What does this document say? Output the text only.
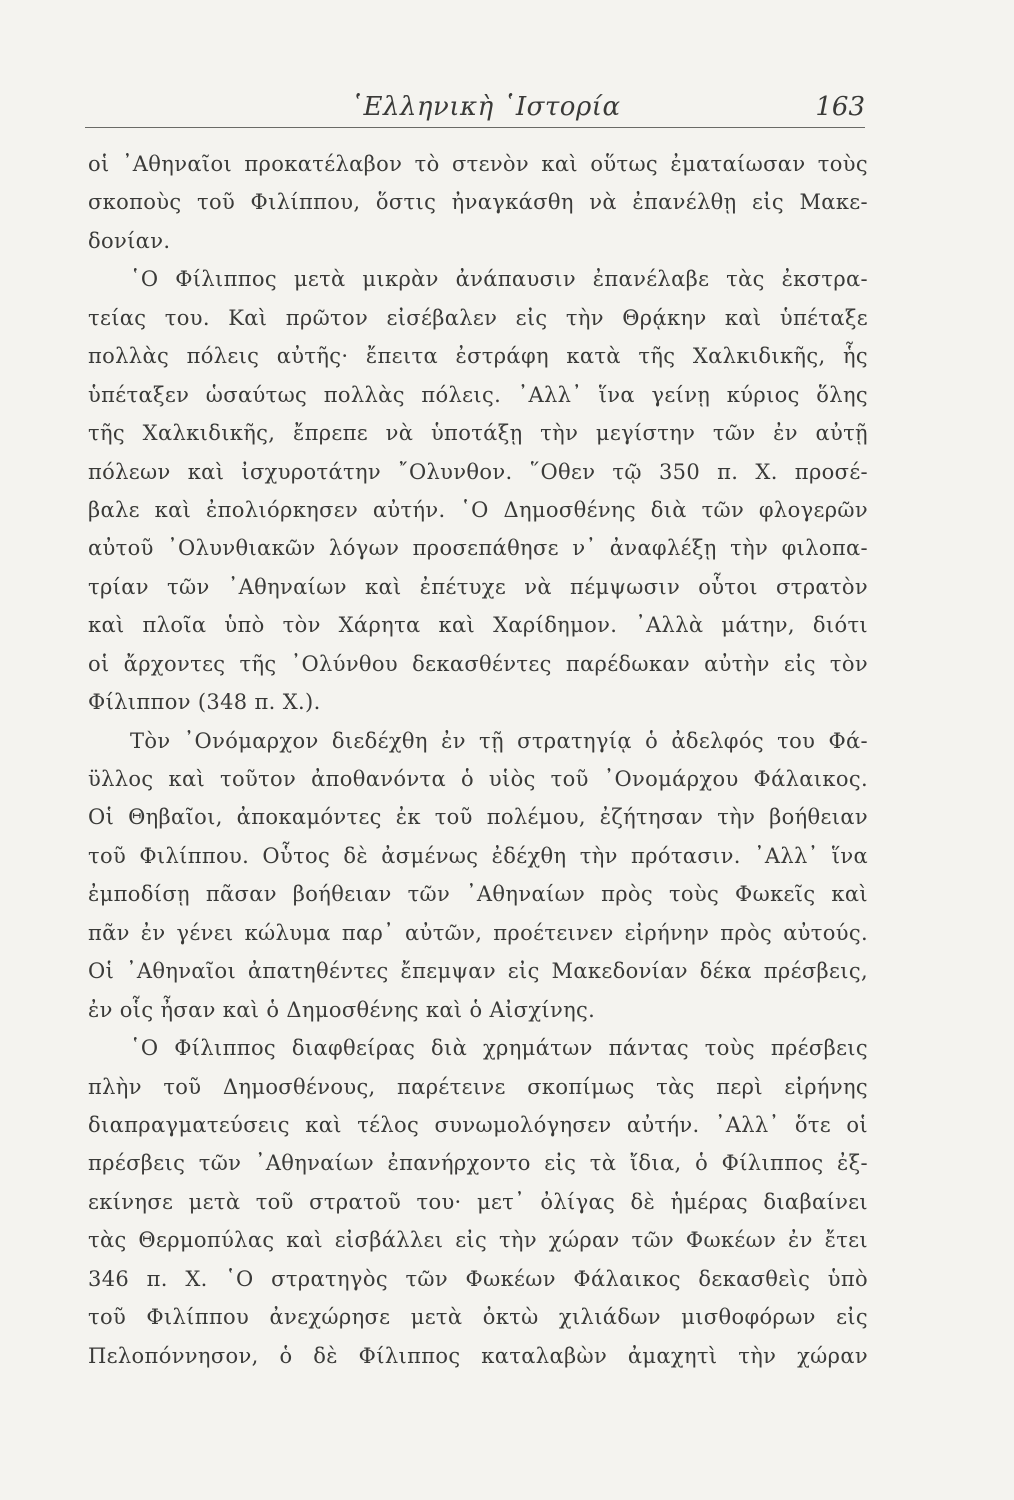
῾Ελληνικὴ ῾Ιστορία	163
οἱ ᾿Αθηναῖοι προκατέλαβον τὸ στενὸν καὶ οὕτως ἐματαίωσαν τοὺς
σκοποὺς τοῦ Φιλίππου, ὅστις ἠναγκάσθη νὰ ἐπανέλθῃ εἰς Μακε-
δονίαν.
῾Ο Φίλιππος μετὰ μικρὰν ἀνάπαυσιν ἐπανέλαβε τὰς ἐκστρα-
τείας του. Καὶ πρῶτον εἰσέβαλεν εἰς τὴν Θρᾴκην καὶ ὑπέταξε
πολλὰς πόλεις αὐτῆς· ἔπειτα ἐστράφη κατὰ τῆς Χαλκιδικῆς, ἧς
ὑπέταξεν ὡσαύτως πολλὰς πόλεις. ᾿Αλλ᾿ ἵνα γείνῃ κύριος ὅλης
τῆς Χαλκιδικῆς, ἔπρεπε νὰ ὑποτάξῃ τὴν μεγίστην τῶν ἐν αὐτῇ
πόλεων καὶ ἰσχυροτάτην ῎Ολυνθον. ῞Οθεν τῷ 350 π. Χ. προσέ-
βαλε καὶ ἐπολιόρκησεν αὐτήν. ῾Ο Δημοσθένης διὰ τῶν φλογερῶν
αὐτοῦ ᾿Ολυνθιακῶν λόγων προσεπάθησε ν᾿ ἀναφλέξῃ τὴν φιλοπα-
τρίαν τῶν ᾿Αθηναίων καὶ ἐπέτυχε νὰ πέμψωσιν οὗτοι στρατὸν
καὶ πλοῖα ὑπὸ τὸν Χάρητα καὶ Χαρίδημον. ᾿Αλλὰ μάτην, διότι
οἱ ἄρχοντες τῆς ᾿Ολύνθου δεκασθέντες παρέδωκαν αὐτὴν εἰς τὸν
Φίλιππον (348 π. Χ.).
Τὸν ᾿Ονόμαρχον διεδέχθη ἐν τῇ στρατηγίᾳ ὁ ἀδελφός του Φά-
ϋλλος καὶ τοῦτον ἀποθανόντα ὁ υἱὸς τοῦ ᾿Ονομάρχου Φάλαικος.
Οἱ Θηβαῖοι, ἀποκαμόντες ἐκ τοῦ πολέμου, ἐζήτησαν τὴν βοήθειαν
τοῦ Φιλίππου. Οὗτος δὲ ἀσμένως ἐδέχθη τὴν πρότασιν. ᾿Αλλ᾿ ἵνα
ἐμποδίσῃ πᾶσαν βοήθειαν τῶν ᾿Αθηναίων πρὸς τοὺς Φωκεῖς καὶ
πᾶν ἐν γένει κώλυμα παρ᾿ αὐτῶν, προέτεινεν εἰρήνην πρὸς αὐτούς.
Οἱ ᾿Αθηναῖοι ἀπατηθέντες ἔπεμψαν εἰς Μακεδονίαν δέκα πρέσβεις,
ἐν οἷς ἦσαν καὶ ὁ Δημοσθένης καὶ ὁ Αἰσχίνης.
῾Ο Φίλιππος διαφθείρας διὰ χρημάτων πάντας τοὺς πρέσβεις
πλὴν τοῦ Δημοσθένους, παρέτεινε σκοπίμως τὰς περὶ εἰρήνης
διαπραγματεύσεις καὶ τέλος συνωμολόγησεν αὐτήν. ᾿Αλλ᾿ ὅτε οἱ
πρέσβεις τῶν ᾿Αθηναίων ἐπανήρχοντο εἰς τὰ ἴδια, ὁ Φίλιππος ἐξ-
εκίνησε μετὰ τοῦ στρατοῦ του· μετ᾿ ὀλίγας δὲ ἡμέρας διαβαίνει
τὰς Θερμοπύλας καὶ εἰσβάλλει εἰς τὴν χώραν τῶν Φωκέων ἐν ἔτει
346 π. Χ. ῾Ο στρατηγὸς τῶν Φωκέων Φάλαικος δεκασθεὶς ὑπὸ
τοῦ Φιλίππου ἀνεχώρησε μετὰ ὀκτὼ χιλιάδων μισθοφόρων εἰς
Πελοπόννησον, ὁ δὲ Φίλιππος καταλαβὼν ἀμαχητὶ τὴν χώραν
